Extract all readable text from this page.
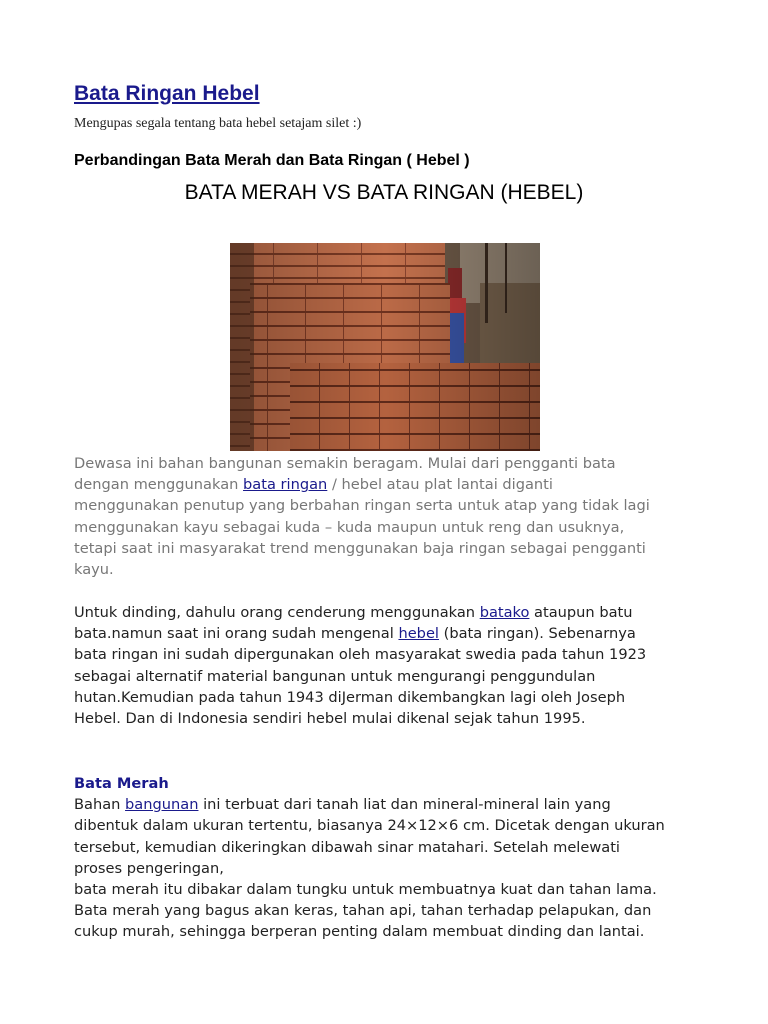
Bata Ringan Hebel

Mengupas segala tentang bata hebel setajam silet :)

Perbandingan Bata Merah dan Bata Ringan ( Hebel )
BATA MERAH VS BATA RINGAN (HEBEL)

Dewasa ini bahan bangunan semakin beragam. Mulai dari pengganti bata
dengan menggunakan bata ringan / hebel atau plat lantai diganti
menggunakan penutup yang berbahan ringan serta untuk atap yang tidak lagi
menggunakan kayu sebagai kuda – kuda maupun untuk reng dan usuknya,
tetapi saat ini masyarakat trend menggunakan baja ringan sebagai pengganti
kayu.

Untuk dinding, dahulu orang cenderung menggunakan batako ataupun batu
bata.namun saat ini orang sudah mengenal hebel (bata ringan). Sebenarnya
bata ringan ini sudah dipergunakan oleh masyarakat swedia pada tahun 1923
sebagai alternatif material bangunan untuk mengurangi penggundulan
hutan.Kemudian pada tahun 1943 diJerman dikembangkan lagi oleh Joseph
Hebel. Dan di Indonesia sendiri hebel mulai dikenal sejak tahun 1995.

Bata Merah
Bahan bangunan ini terbuat dari tanah liat dan mineral-mineral lain yang
dibentuk dalam ukuran tertentu, biasanya 24×12×6 cm. Dicetak dengan ukuran
tersebut, kemudian dikeringkan dibawah sinar matahari. Setelah melewati
proses pengeringan,
bata merah itu dibakar dalam tungku untuk membuatnya kuat dan tahan lama.
Bata merah yang bagus akan keras, tahan api, tahan terhadap pelapukan, dan
cukup murah, sehingga berperan penting dalam membuat dinding dan lantai.
